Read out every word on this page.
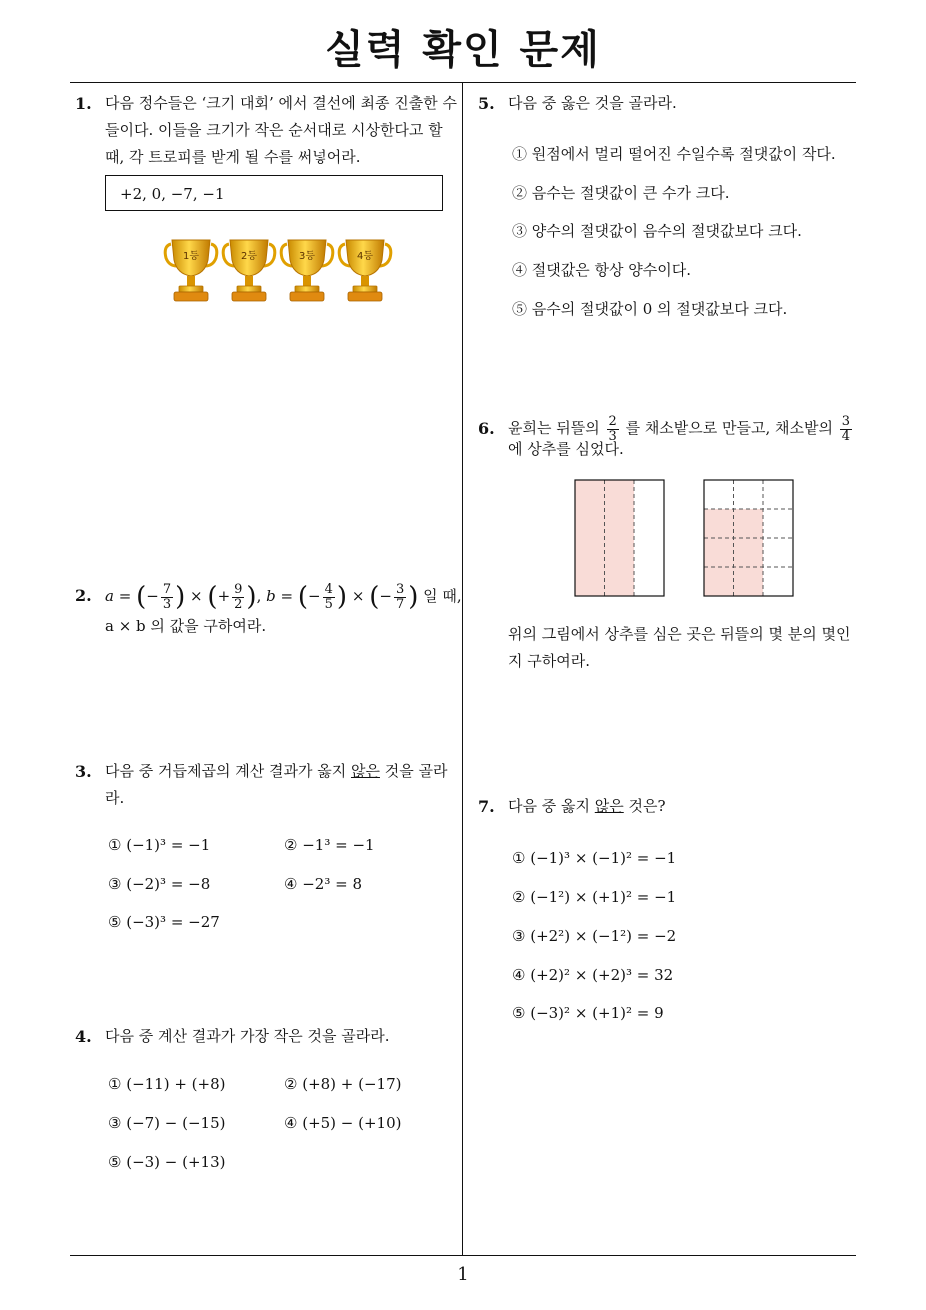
실력 확인 문제
1
1. 다음 정수들은 ‘크기 대회’ 에서 결선에 최종 진출한 수들이다. 이들을 크기가 작은 순서대로 시상한다고 할 때, 각 트로피를 받게 될 수를 써넣어라.
+2, 0, −7, −1
1등	2등	3등	4등
2. a = (− $\frac{7}{3}$ ) × (+ $\frac{9}{2}$ ), b = (− $\frac{4}{5}$ ) × (− $\frac{3}{7}$ ) 일 때,
a × b 의 값을 구하여라.
3. 다음 중 거듭제곱의 계산 결과가 옳지 않은 것을 골라라.
① (−1)³ = −1	② −1³ = −1
③ (−2)³ = −8	④ −2³ = 8
⑤ (−3)³ = −27
4. 다음 중 계산 결과가 가장 작은 것을 골라라.
① (−11) + (+8)	② (+8) + (−17)
③ (−7) − (−15)	④ (+5) − (+10)
⑤ (−3) − (+13)
5. 다음 중 옳은 것을 골라라.
① 원점에서 멀리 떨어진 수일수록 절댓값이 작다.
② 음수는 절댓값이 큰 수가 크다.
③ 양수의 절댓값이 음수의 절댓값보다 크다.
④ 절댓값은 항상 양수이다.
⑤ 음수의 절댓값이 0 의 절댓값보다 크다.
6. 윤희는 뒤뜰의 $\frac{2}{3}$ 를 채소밭으로 만들고, 채소밭의 $\frac{3}{4}$
에 상추를 심었다.
위의 그림에서 상추를 심은 곳은 뒤뜰의 몇 분의 몇인지 구하여라.
7. 다음 중 옳지 않은 것은?
① (−1)³ × (−1)² = −1
② (−1²) × (+1)² = −1
③ (+2²) × (−1²) = −2
④ (+2)² × (+2)³ = 32
⑤ (−3)² × (+1)² = 9
